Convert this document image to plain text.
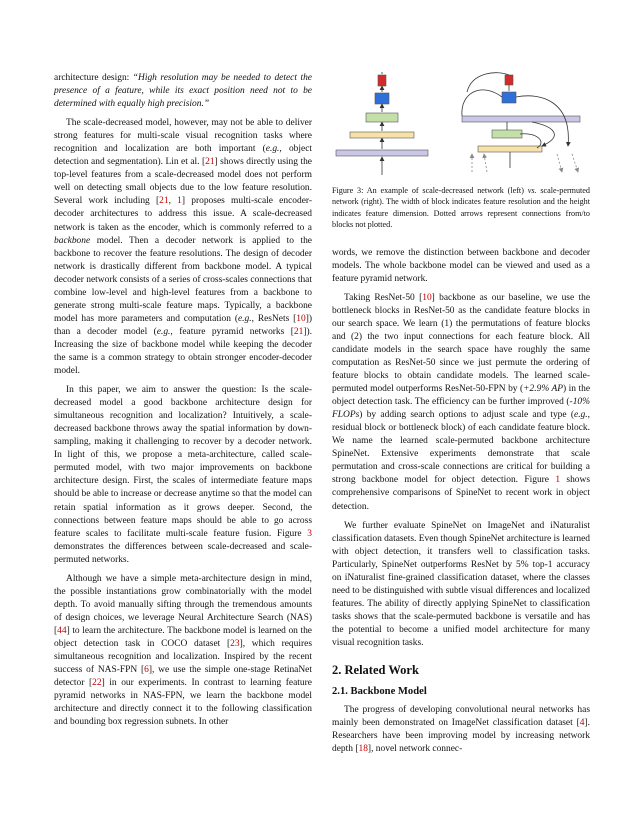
architecture design: “High resolution may be needed to detect the presence of a feature, while its exact position need not to be determined with equally high precision.”

The scale-decreased model, however, may not be able to deliver strong features for multi-scale visual recognition tasks where recognition and localization are both important (e.g., object detection and segmentation). Lin et al. [21] shows directly using the top-level features from a scale-decreased model does not perform well on detecting small objects due to the low feature resolution. Several work including [21, 1] proposes multi-scale encoder-decoder architectures to address this issue. A scale-decreased network is taken as the encoder, which is commonly referred to a backbone model. Then a decoder network is applied to the backbone to recover the feature resolutions. The design of decoder network is drastically different from backbone model. A typical decoder network consists of a series of cross-scales connections that combine low-level and high-level features from a backbone to generate strong multi-scale feature maps. Typically, a backbone model has more parameters and computation (e.g., ResNets [10]) than a decoder model (e.g., feature pyramid networks [21]). Increasing the size of backbone model while keeping the decoder the same is a common strategy to obtain stronger encoder-decoder model.

In this paper, we aim to answer the question: Is the scale-decreased model a good backbone architecture design for simultaneous recognition and localization? Intuitively, a scale-decreased backbone throws away the spatial information by down-sampling, making it challenging to recover by a decoder network. In light of this, we propose a meta-architecture, called scale-permuted model, with two major improvements on backbone architecture design. First, the scales of intermediate feature maps should be able to increase or decrease anytime so that the model can retain spatial information as it grows deeper. Second, the connections between feature maps should be able to go across feature scales to facilitate multi-scale feature fusion. Figure 3 demonstrates the differences between scale-decreased and scale-permuted networks.

Although we have a simple meta-architecture design in mind, the possible instantiations grow combinatorially with the model depth. To avoid manually sifting through the tremendous amounts of design choices, we leverage Neural Architecture Search (NAS) [44] to learn the architecture. The backbone model is learned on the object detection task in COCO dataset [23], which requires simultaneous recognition and localization. Inspired by the recent success of NAS-FPN [6], we use the simple one-stage RetinaNet detector [22] in our experiments. In contrast to learning feature pyramid networks in NAS-FPN, we learn the backbone model architecture and directly connect it to the following classification and bounding box regression subnets. In other

Figure 3: An example of scale-decreased network (left) vs. scale-permuted network (right). The width of block indicates feature resolution and the height indicates feature dimension. Dotted arrows represent connections from/to blocks not plotted.

words, we remove the distinction between backbone and decoder models. The whole backbone model can be viewed and used as a feature pyramid network.

Taking ResNet-50 [10] backbone as our baseline, we use the bottleneck blocks in ResNet-50 as the candidate feature blocks in our search space. We learn (1) the permutations of feature blocks and (2) the two input connections for each feature block. All candidate models in the search space have roughly the same computation as ResNet-50 since we just permute the ordering of feature blocks to obtain candidate models. The learned scale-permuted model outperforms ResNet-50-FPN by (+2.9% AP) in the object detection task. The efficiency can be further improved (-10% FLOPs) by adding search options to adjust scale and type (e.g., residual block or bottleneck block) of each candidate feature block. We name the learned scale-permuted backbone architecture SpineNet. Extensive experiments demonstrate that scale permutation and cross-scale connections are critical for building a strong backbone model for object detection. Figure 1 shows comprehensive comparisons of SpineNet to recent work in object detection.

We further evaluate SpineNet on ImageNet and iNaturalist classification datasets. Even though SpineNet architecture is learned with object detection, it transfers well to classification tasks. Particularly, SpineNet outperforms ResNet by 5% top-1 accuracy on iNaturalist fine-grained classification dataset, where the classes need to be distinguished with subtle visual differences and localized features. The ability of directly applying SpineNet to classification tasks shows that the scale-permuted backbone is versatile and has the potential to become a unified model architecture for many visual recognition tasks.

2. Related Work
2.1. Backbone Model

The progress of developing convolutional neural networks has mainly been demonstrated on ImageNet classification dataset [4]. Researchers have been improving model by increasing network depth [18], novel network connec-
